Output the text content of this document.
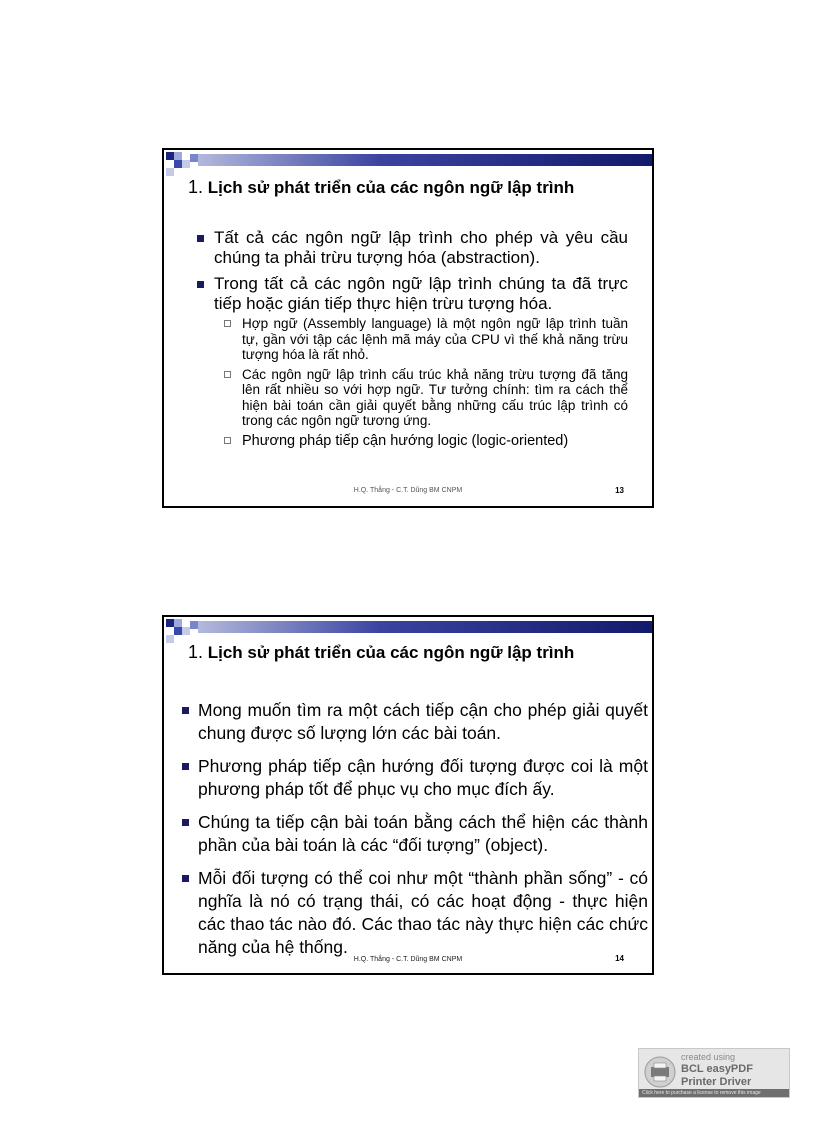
1. Lịch sử phát triển của các ngôn ngữ lập trình
Tất cả các ngôn ngữ lập trình cho phép và yêu cầu chúng ta phải trừu tượng hóa (abstraction).
Trong tất cả các ngôn ngữ lập trình chúng ta đã trực tiếp hoặc gián tiếp thực hiện trừu tượng hóa.
Hợp ngữ (Assembly language) là một ngôn ngữ lập trình tuần tự, gần với tập các lệnh mã máy của CPU vì thế khả năng trừu tượng hóa là rất nhỏ.
Các ngôn ngữ lập trình cấu trúc khả năng trừu tượng đã tăng lên rất nhiều so với hợp ngữ. Tư tưởng chính: tìm ra cách thể hiện bài toán cần giải quyết bằng những cấu trúc lập trình có trong các ngôn ngữ tương ứng.
Phương pháp tiếp cận hướng logic (logic-oriented)
H.Q. Thắng - C.T. Dũng BM CNPM	13
1. Lịch sử phát triển của các ngôn ngữ lập trình
Mong muốn tìm ra một cách tiếp cận cho phép giải quyết chung được số lượng lớn các bài toán.
Phương pháp tiếp cận hướng đối tượng được coi là một phương pháp tốt để phục vụ cho mục đích ấy.
Chúng ta tiếp cận bài toán bằng cách thể hiện các thành phần của bài toán là các “đối tượng” (object).
Mỗi đối tượng có thể coi như một “thành phần sống” - có nghĩa là nó có trạng thái, có các hoạt động - thực hiện các thao tác nào đó. Các thao tác này thực hiện các chức năng của hệ thống.
H.Q. Thắng - C.T. Dũng BM CNPM	14
created using
BCL easyPDF
Printer Driver
Click here to purchase a license to remove this image
